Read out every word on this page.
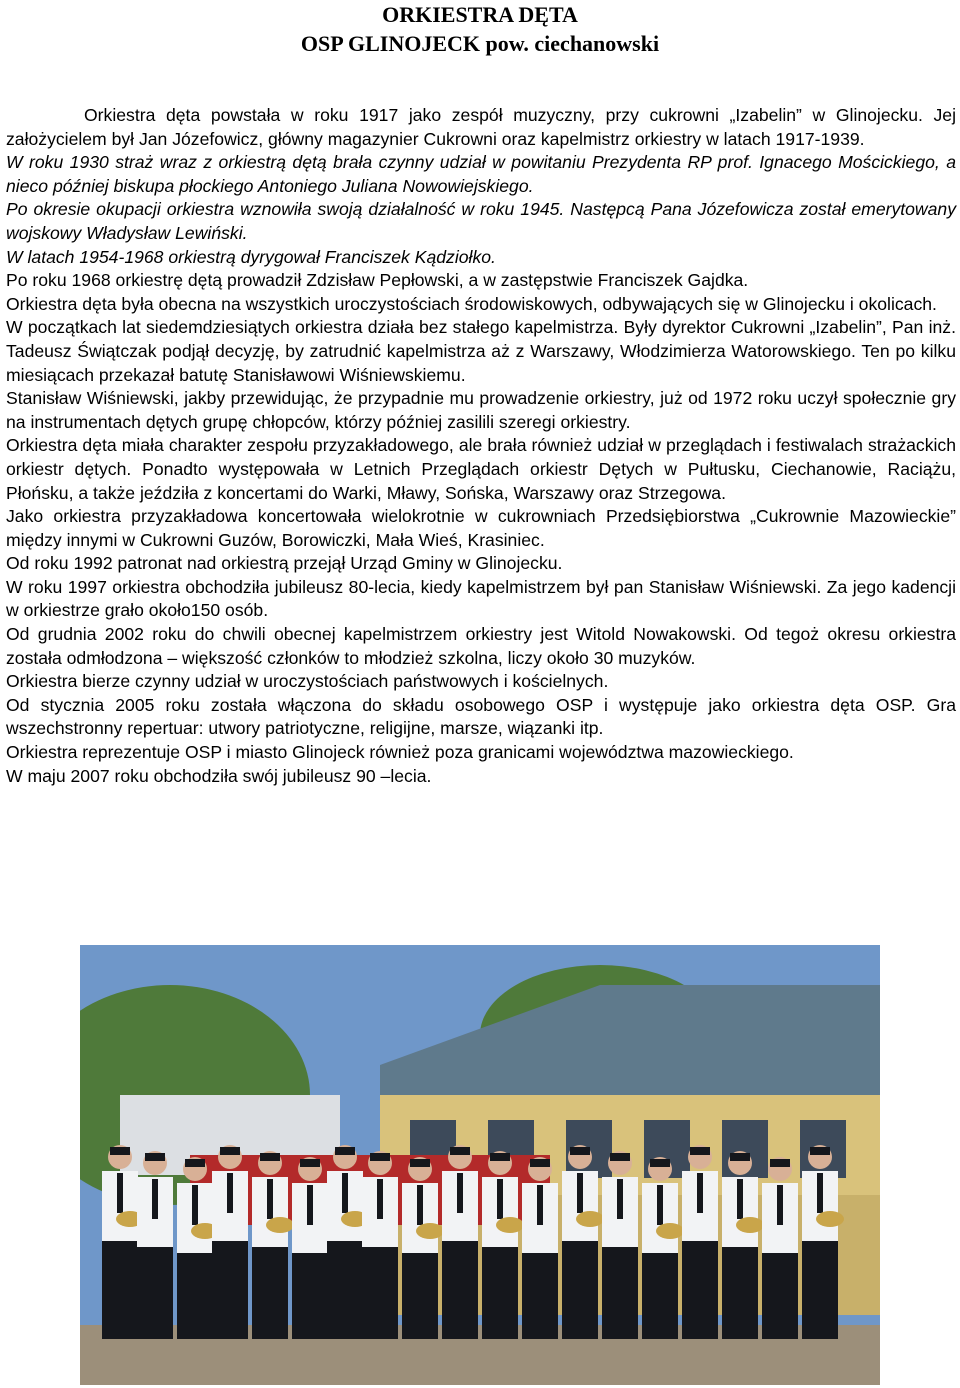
ORKIESTRA DĘTA
OSP GLINOJECK pow. ciechanowski

Orkiestra dęta powstała w roku 1917 jako zespół muzyczny, przy cukrowni „Izabelin” w Glinojecku. Jej założycielem był Jan Józefowicz, główny magazynier Cukrowni oraz kapelmistrz orkiestry w latach 1917-1939.

W roku 1930 straż wraz z orkiestrą dętą brała czynny udział w powitaniu Prezydenta RP prof. Ignacego Mościckiego, a nieco później biskupa płockiego Antoniego Juliana Nowowiejskiego.

Po okresie okupacji orkiestra wznowiła swoją działalność w roku 1945. Następcą Pana Józefowicza został emerytowany wojskowy Władysław Lewiński.

W latach 1954-1968 orkiestrą dyrygował Franciszek Kądziołko.

Po roku 1968 orkiestrę dętą prowadził Zdzisław Pepłowski, a w zastępstwie Franciszek Gajdka.

Orkiestra dęta była obecna na wszystkich uroczystościach środowiskowych, odbywających się w Glinojecku i okolicach.

W początkach lat siedemdziesiątych orkiestra działa bez stałego kapelmistrza. Były dyrektor Cukrowni „Izabelin”, Pan inż. Tadeusz Świątczak podjął decyzję, by zatrudnić kapelmistrza aż z Warszawy, Włodzimierza Watorowskiego. Ten po kilku miesiącach przekazał batutę Stanisławowi Wiśniewskiemu.

Stanisław Wiśniewski, jakby przewidując, że przypadnie mu prowadzenie orkiestry, już od 1972 roku uczył społecznie gry na instrumentach dętych grupę chłopców, którzy później zasilili szeregi orkiestry.

Orkiestra dęta miała charakter zespołu przyzakładowego, ale brała również udział w przeglądach i festiwalach strażackich orkiestr dętych. Ponadto występowała w Letnich Przeglądach orkiestr Dętych w Pułtusku, Ciechanowie, Raciążu, Płońsku, a także jeździła z koncertami do Warki, Mławy, Sońska, Warszawy oraz Strzegowa.

Jako orkiestra przyzakładowa koncertowała wielokrotnie w cukrowniach Przedsiębiorstwa „Cukrownie Mazowieckie” między innymi w Cukrowni Guzów, Borowiczki, Mała Wieś, Krasiniec.

Od roku 1992 patronat nad orkiestrą przejął Urząd Gminy w Glinojecku.

W roku 1997 orkiestra obchodziła jubileusz 80-lecia, kiedy kapelmistrzem był pan Stanisław Wiśniewski. Za jego kadencji w orkiestrze grało około150 osób.

Od grudnia 2002 roku do chwili obecnej kapelmistrzem orkiestry jest Witold Nowakowski. Od tegoż okresu orkiestra została odmłodzona – większość członków to młodzież szkolna, liczy około 30 muzyków.

Orkiestra bierze czynny udział w uroczystościach państwowych i kościelnych.

Od stycznia 2005 roku została włączona do składu osobowego OSP i występuje jako orkiestra dęta OSP. Gra wszechstronny repertuar: utwory patriotyczne, religijne, marsze, wiązanki itp.

Orkiestra reprezentuje OSP i miasto Glinojeck również poza granicami województwa mazowieckiego.

W maju 2007 roku obchodziła swój jubileusz 90 –lecia.
